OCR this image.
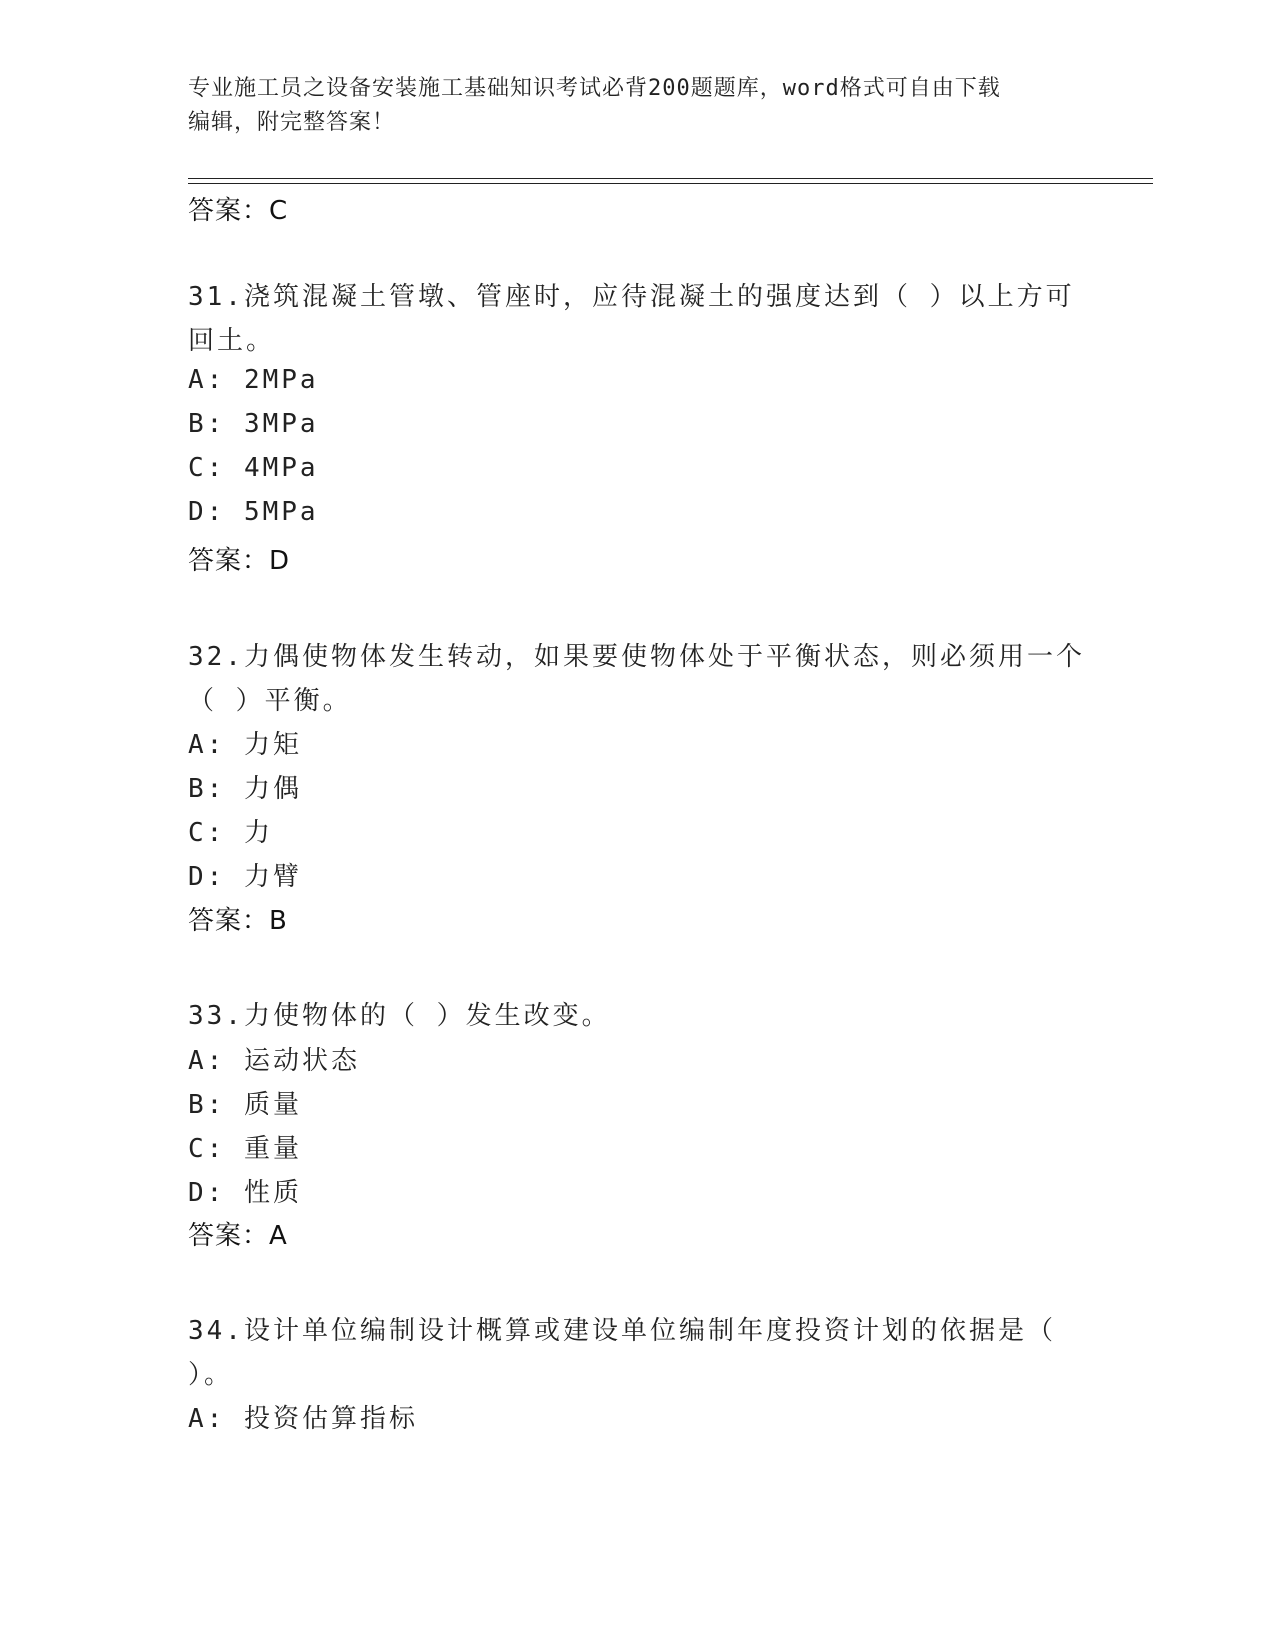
专业施工员之设备安装施工基础知识考试必背200题题库，word格式可自由下载
编辑，附完整答案！
答案：C
31.浇筑混凝土管墩、管座时，应待混凝土的强度达到（ ）以上方可
回土。
A: 2MPa
B: 3MPa
C: 4MPa
D: 5MPa
答案：D
32.力偶使物体发生转动，如果要使物体处于平衡状态，则必须用一个
（ ）平衡。
A: 力矩
B: 力偶
C: 力
D: 力臂
答案：B
33.力使物体的（ ）发生改变。
A: 运动状态
B: 质量
C: 重量
D: 性质
答案：A
34.设计单位编制设计概算或建设单位编制年度投资计划的依据是（
）。
A: 投资估算指标
